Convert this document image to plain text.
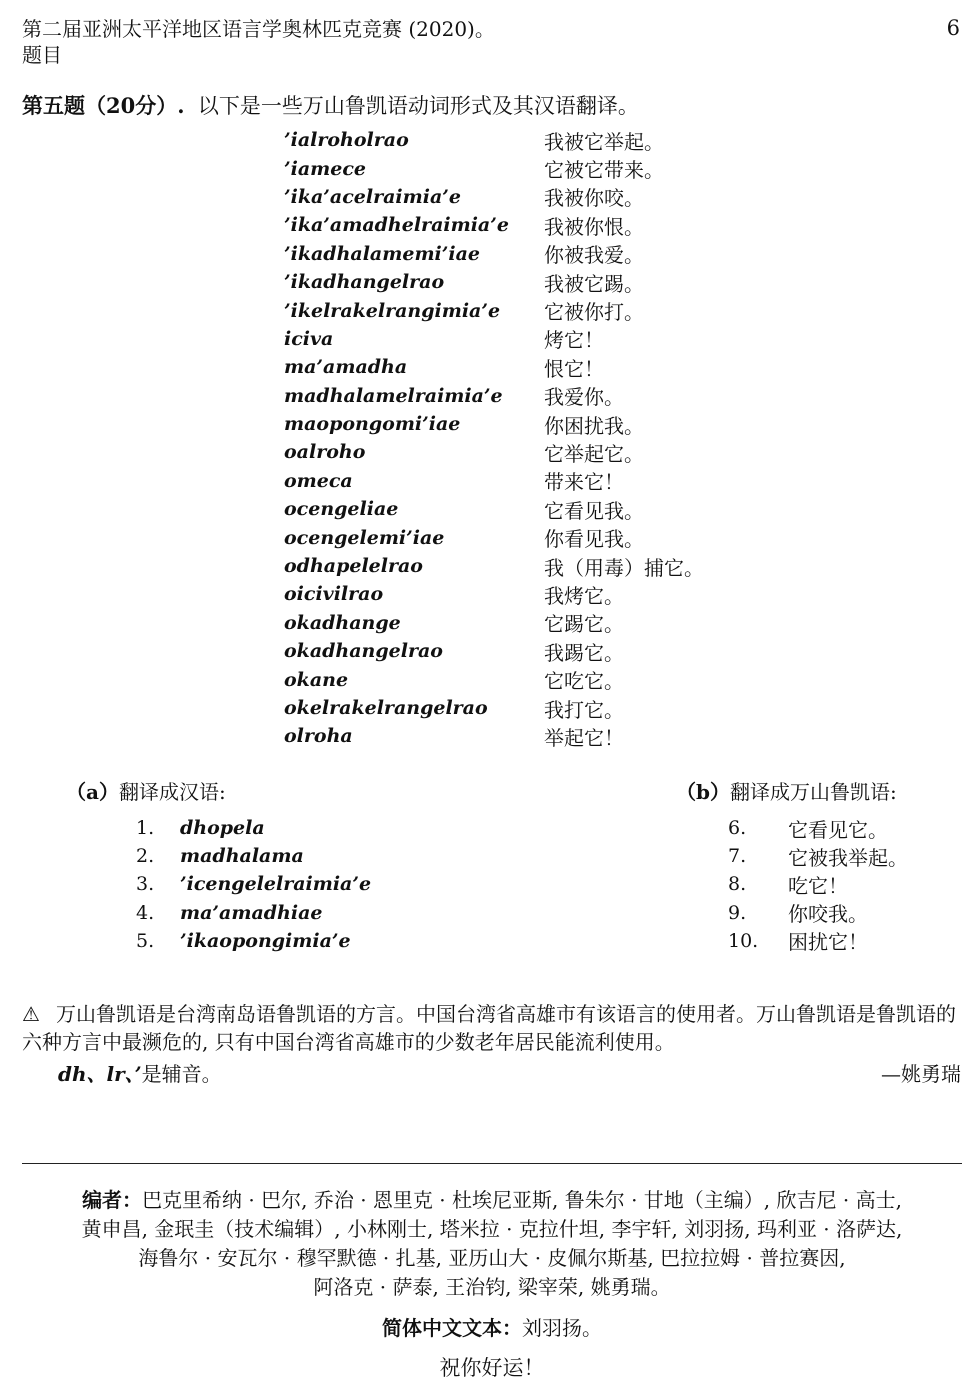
第二届亚洲太平洋地区语言学奥林匹克竞赛 (2020)。
题目
6
第五题（20分）. 以下是一些万山鲁凯语动词形式及其汉语翻译。
’ialroholrao	我被它举起。
’iamece	它被它带来。
’ika’acelraimia’e	我被你咬。
’ika’amadhelraimia’e	我被你恨。
’ikadhalamemi’iae	你被我爱。
’ikadhangelrao	我被它踢。
’ikelrakelrangimia’e	它被你打。
iciva	烤它！
ma’amadha	恨它！
madhalamelraimia’e	我爱你。
maopongomi’iae	你困扰我。
oalroho	它举起它。
omeca	带来它！
ocengeliae	它看见我。
ocengelemi’iae	你看见我。
odhapelelrao	我（用毒）捕它。
oicivilrao	我烤它。
okadhange	它踢它。
okadhangelrao	我踢它。
okane	它吃它。
okelrakelrangelrao	我打它。
olroha	举起它！
（a）翻译成汉语:
1.	dhopela
2.	madhalama
3.	’icengelelraimia’e
4.	ma’amadhiae
5.	’ikaopongimia’e
（b）翻译成万山鲁凯语:
6.	它看见它。
7.	它被我举起。
8.	吃它！
9.	你咬我。
10.	困扰它！
⚠ 万山鲁凯语是台湾南岛语鲁凯语的方言。中国台湾省高雄市有该语言的使用者。万山鲁凯语是鲁凯语的六种方言中最濒危的, 只有中国台湾省高雄市的少数老年居民能流利使用。
dh、lr、’是辅音。	—姚勇瑞
编者：巴克里希纳 · 巴尔, 乔治 · 恩里克 · 杜埃尼亚斯, 鲁朱尔 · 甘地（主编）, 欣吉尼 · 高士,
黄申昌, 金珉圭（技术编辑）, 小林刚士, 塔米拉 · 克拉什坦, 李宇轩, 刘羽扬, 玛利亚 · 洛萨达,
海鲁尔 · 安瓦尔 · 穆罕默德 · 扎基, 亚历山大 · 皮佩尔斯基, 巴拉拉姆 · 普拉赛因,
阿洛克 · 萨泰, 王治钧, 梁宰荣, 姚勇瑞。
简体中文文本：刘羽扬。
祝你好运！
